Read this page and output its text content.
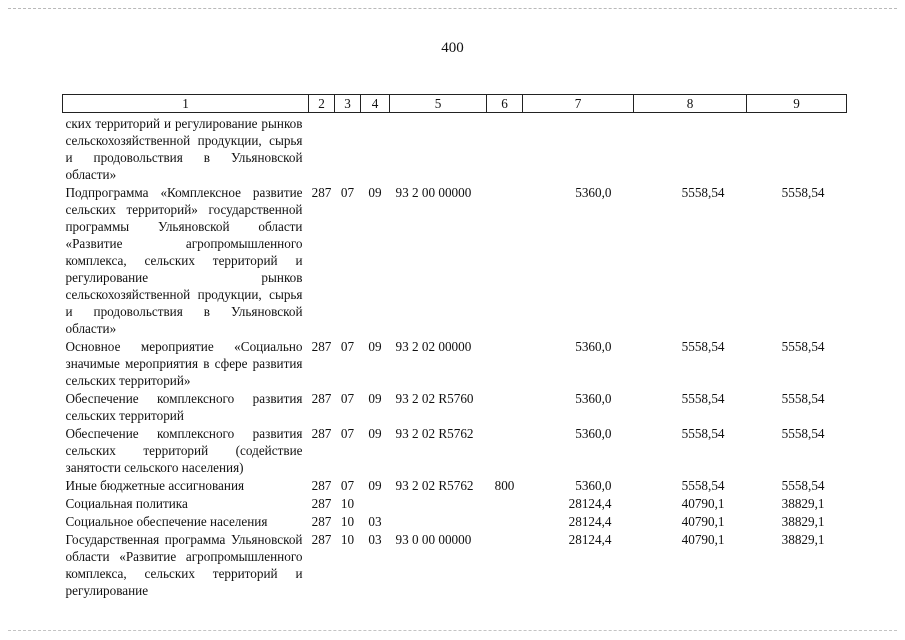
400
1	2	3	4	5	6	7	8	9
ских территорий и регулирование рынков сельскохозяйственной продукции, сырья и продовольствия в Ульяновской области»								
Подпрограмма «Комплексное развитие сельских территорий» государственной программы Ульяновской области «Развитие агропромышленного комплекса, сельских территорий и регулирование рынков сельскохозяйственной продукции, сырья и продовольствия в Ульяновской области»	287	07	09	93 2 00 00000		5360,0	5558,54	5558,54
Основное мероприятие «Социально значимые мероприятия в сфере развития сельских территорий»	287	07	09	93 2 02 00000		5360,0	5558,54	5558,54
Обеспечение комплексного развития сельских территорий	287	07	09	93 2 02 R5760		5360,0	5558,54	5558,54
Обеспечение комплексного развития сельских территорий (содействие занятости сельского населения)	287	07	09	93 2 02 R5762		5360,0	5558,54	5558,54
Иные бюджетные ассигнования	287	07	09	93 2 02 R5762	800	5360,0	5558,54	5558,54
Социальная политика	287	10				28124,4	40790,1	38829,1
Социальное обеспечение населения	287	10	03			28124,4	40790,1	38829,1
Государственная программа Ульяновской области «Развитие агропромышленного комплекса, сельских территорий и регулирование	287	10	03	93 0 00 00000		28124,4	40790,1	38829,1
